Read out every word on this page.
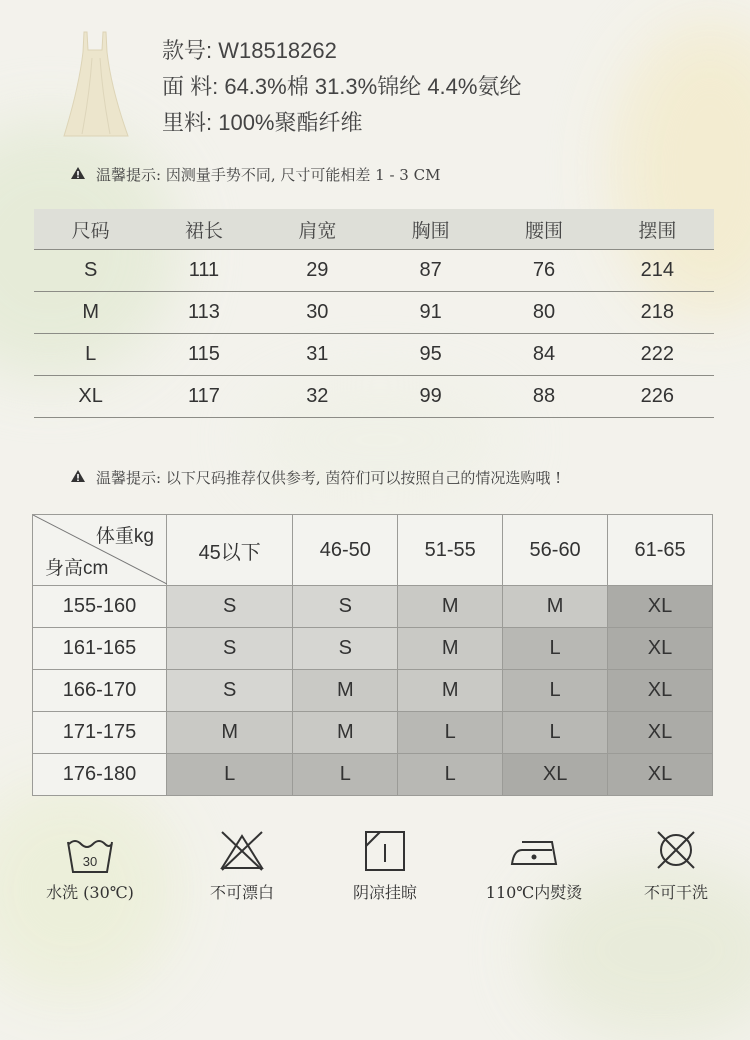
款号: W18518262
面 料: 64.3%棉 31.3%锦纶 4.4%氨纶
里料: 100%聚酯纤维
温馨提示: 因测量手势不同, 尺寸可能相差 1 - 3 CM
尺码	裙长	肩宽	胸围	腰围	摆围
S	111	29	87	76	214
M	113	30	91	80	218
L	115	31	95	84	222
XL	117	32	99	88	226
温馨提示: 以下尺码推荐仅供参考, 茵符们可以按照自己的情况选购哦 !
体重kg
身高cm	45以下	46-50	51-55	56-60	61-65
155-160	S	S	M	M	XL
161-165	S	S	M	L	XL
166-170	S	M	M	L	XL
171-175	M	M	L	L	XL
176-180	L	L	L	XL	XL
30
水洗 (30℃)	不可漂白	阴凉挂晾	110℃内熨烫	不可干洗
